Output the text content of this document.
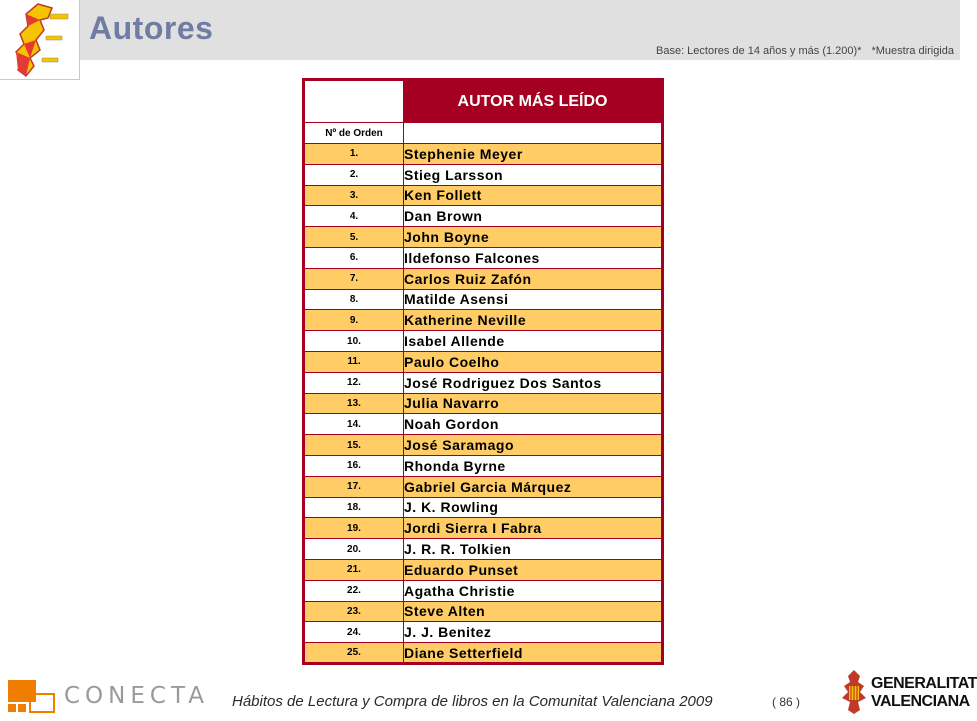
Autores
Base: Lectores de 14 años y más (1.200)* *Muestra dirigida
	AUTOR MÁS LEÍDO
Nº de Orden	
1.	Stephenie Meyer
2.	Stieg Larsson
3.	Ken Follett
4.	Dan Brown
5.	John Boyne
6.	Ildefonso Falcones
7.	Carlos Ruiz Zafón
8.	Matilde Asensi
9.	Katherine Neville
10.	Isabel Allende
11.	Paulo Coelho
12.	José Rodriguez Dos Santos
13.	Julia Navarro
14.	Noah Gordon
15.	José Saramago
16.	Rhonda Byrne
17.	Gabriel Garcia Márquez
18.	J. K. Rowling
19.	Jordi Sierra I Fabra
20.	J. R. R. Tolkien
21.	Eduardo Punset
22.	Agatha Christie
23.	Steve Alten
24.	J. J. Benitez
25.	Diane Setterfield
CONECTA Hábitos de Lectura y Compra de libros en la Comunitat Valenciana 2009	( 86 )
GENERALITAT
VALENCIANA
